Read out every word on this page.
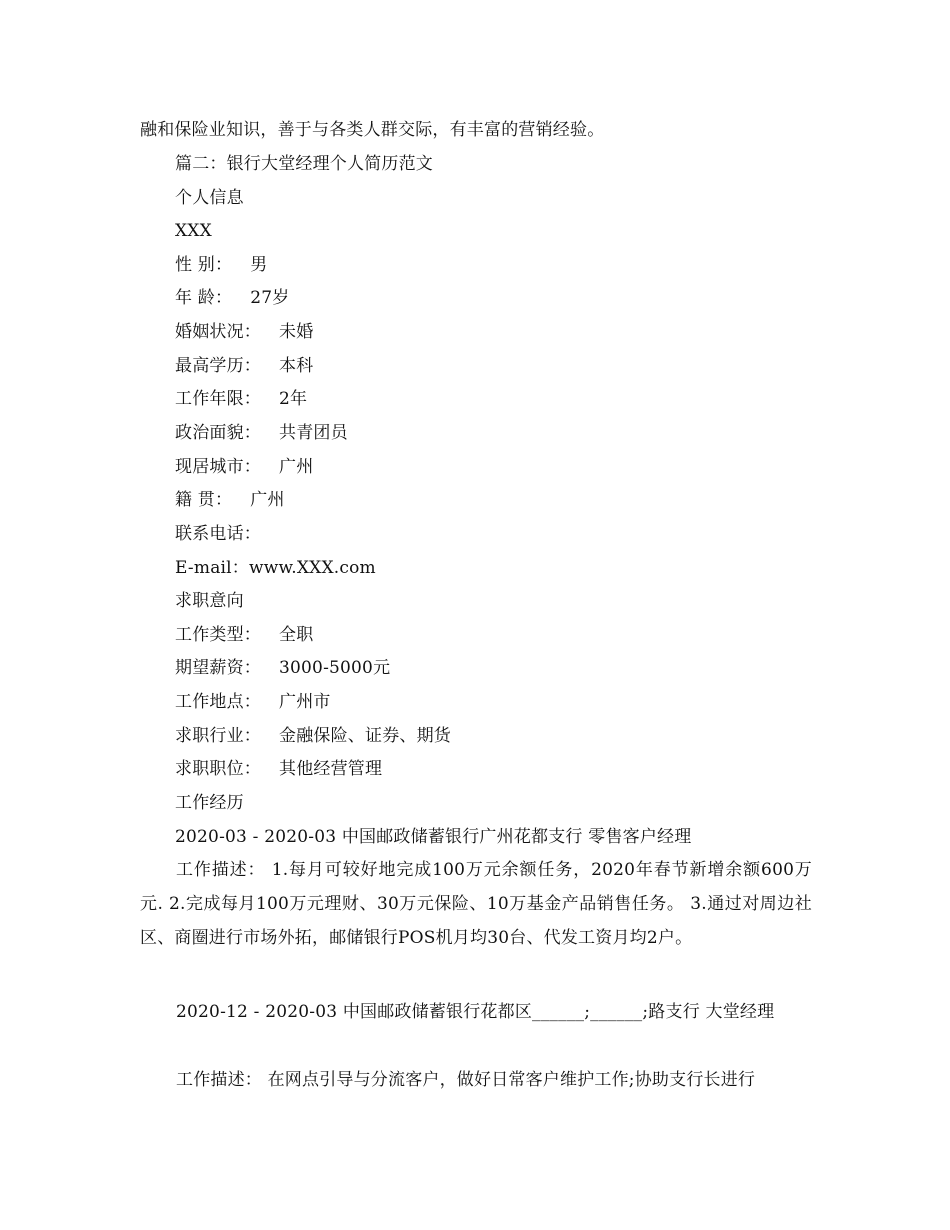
融和保险业知识，善于与各类人群交际，有丰富的营销经验。
篇二：银行大堂经理个人简历范文
个人信息
XXX
性 别： 男
年 龄： 27岁
婚姻状况： 未婚
最高学历： 本科
工作年限： 2年
政治面貌： 共青团员
现居城市： 广州
籍 贯： 广州
联系电话：
E-mail：www.XXX.com
求职意向
工作类型： 全职
期望薪资： 3000-5000元
工作地点： 广州市
求职行业： 金融保险、证券、期货
求职职位： 其他经营管理
工作经历
2020-03 - 2020-03 中国邮政储蓄银行广州花都支行 零售客户经理
工作描述： 1.每月可较好地完成100万元余额任务，2020年春节新增余额600万元. 2.完成每月100万元理财、30万元保险、10万基金产品销售任务。 3.通过对周边社区、商圈进行市场外拓，邮储银行POS机月均30台、代发工资月均2户。
2020-12 - 2020-03 中国邮政储蓄银行花都区______;______;路支行 大堂经理
工作描述： 在网点引导与分流客户，做好日常客户维护工作;协助支行长进行
